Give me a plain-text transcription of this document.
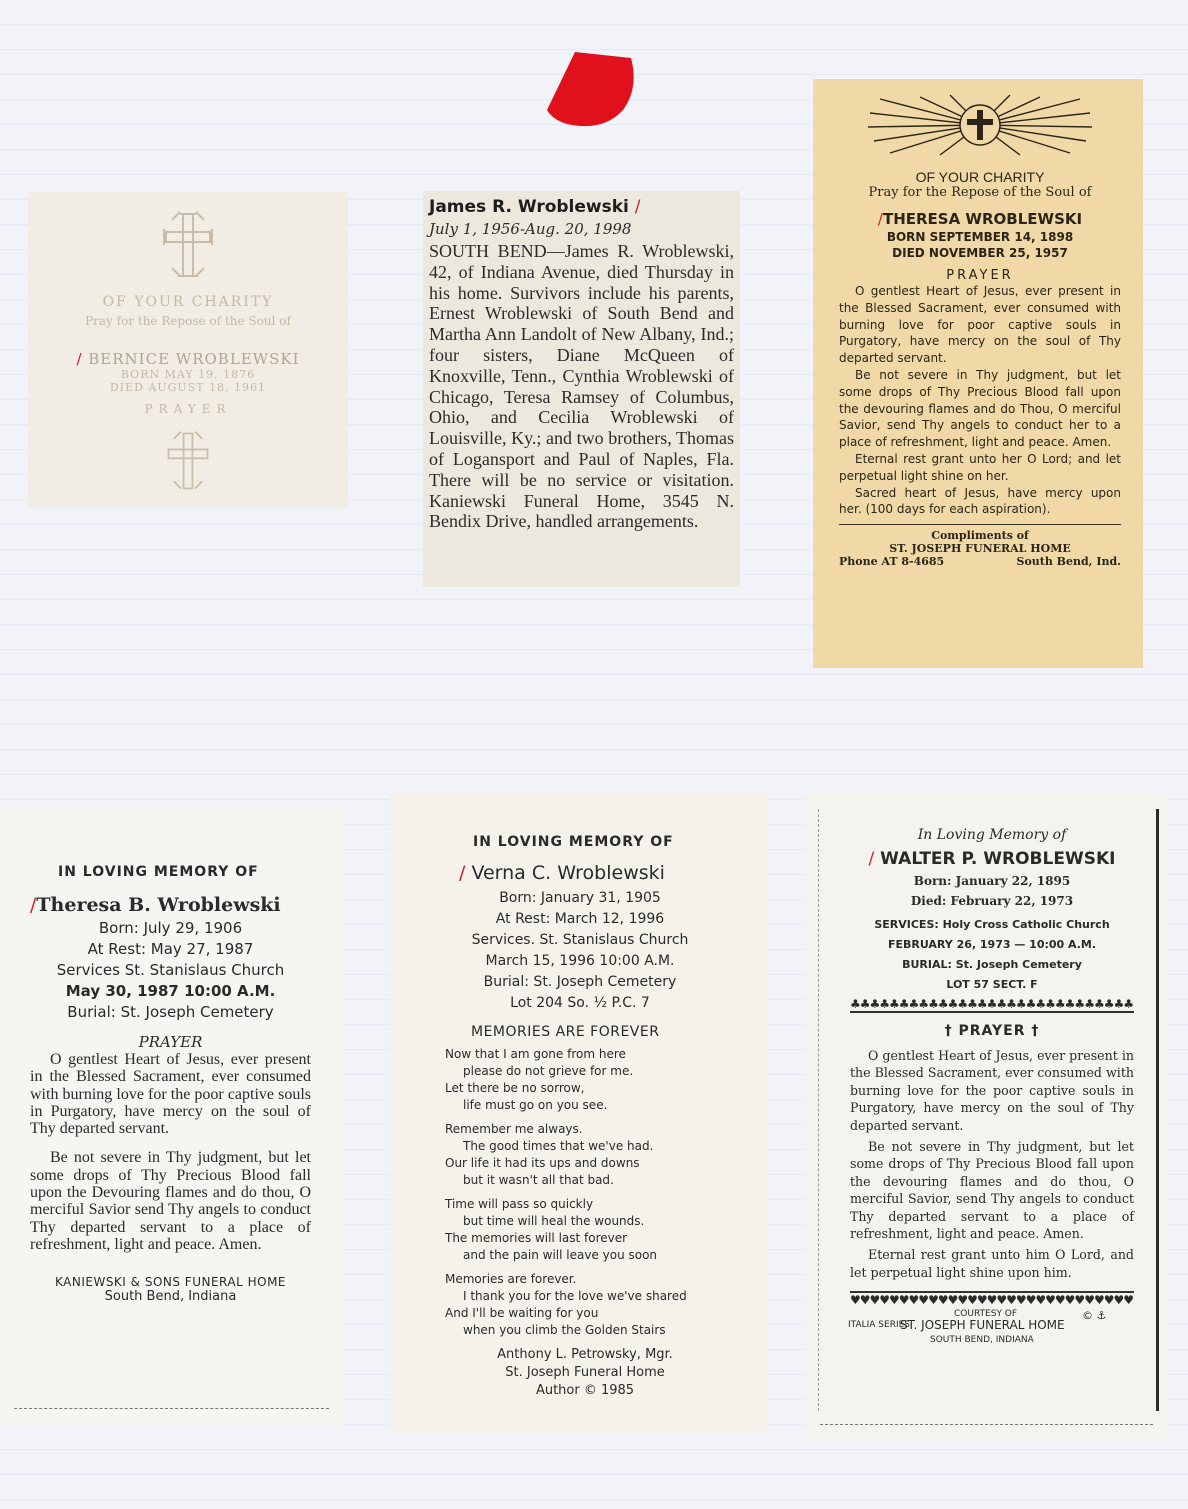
OF YOUR CHARITY
Pray for the Repose of the Soul of
/ BERNICE WROBLEWSKI
BORN MAY 19, 1876
DIED AUGUST 18, 1961
PRAYER
James R. Wroblewski /
July 1, 1956-Aug. 20, 1998
SOUTH BEND—James R. Wroblewski, 42, of Indiana Avenue, died Thursday in his home. Survivors include his parents, Ernest Wroblewski of South Bend and Martha Ann Landolt of New Albany, Ind.; four sisters, Diane McQueen of Knoxville, Tenn., Cynthia Wroblewski of Chicago, Teresa Ramsey of Columbus, Ohio, and Cecilia Wroblewski of Louisville, Ky.; and two brothers, Thomas of Logansport and Paul of Naples, Fla. There will be no service or visitation. Kaniewski Funeral Home, 3545 N. Bendix Drive, handled arrangements.
OF YOUR CHARITY
Pray for the Repose of the Soul of
/THERESA WROBLEWSKI
BORN SEPTEMBER 14, 1898
DIED NOVEMBER 25, 1957
PRAYER

O gentlest Heart of Jesus, ever present in the Blessed Sacrament, ever consumed with burning love for poor captive souls in Purgatory, have mercy on the soul of Thy departed servant.

Be not severe in Thy judgment, but let some drops of Thy Precious Blood fall upon the devouring flames and do Thou, O merciful Savior, send Thy angels to conduct her to a place of refreshment, light and peace. Amen.

Eternal rest grant unto her O Lord; and let perpetual light shine on her.

Sacred heart of Jesus, have mercy upon her. (100 days for each aspiration).

Compliments of
ST. JOSEPH FUNERAL HOME
Phone AT 8-4685	South Bend, Ind.
IN LOVING MEMORY OF
/Theresa B. Wroblewski
Born: July 29, 1906
At Rest: May 27, 1987
Services St. Stanislaus Church
May 30, 1987 10:00 A.M.
Burial: St. Joseph Cemetery
PRAYER

O gentlest Heart of Jesus, ever present in the Blessed Sacrament, ever consumed with burning love for the poor captive souls in Purgatory, have mercy on the soul of Thy departed servant.

Be not severe in Thy judgment, but let some drops of Thy Precious Blood fall upon the Devouring flames and do thou, O merciful Savior send Thy angels to conduct Thy departed servant to a place of refreshment, light and peace. Amen.

KANIEWSKI & SONS FUNERAL HOME
South Bend, Indiana
IN LOVING MEMORY OF
/ Verna C. Wroblewski
Born: January 31, 1905
At Rest: March 12, 1996
Services. St. Stanislaus Church
March 15, 1996 10:00 A.M.
Burial: St. Joseph Cemetery
Lot 204 So. ½ P.C. 7
MEMORIES ARE FOREVER
Now that I am gone from here
please do not grieve for me.
Let there be no sorrow,
life must go on you see.
Remember me always.
The good times that we've had.
Our life it had its ups and downs
but it wasn't all that bad.
Time will pass so quickly
but time will heal the wounds.
The memories will last forever
and the pain will leave you soon
Memories are forever.
I thank you for the love we've shared
And I'll be waiting for you
when you climb the Golden Stairs
Anthony L. Petrowsky, Mgr.
St. Joseph Funeral Home
Author © 1985
In Loving Memory of
/ WALTER P. WROBLEWSKI
Born: January 22, 1895
Died: February 22, 1973
SERVICES: Holy Cross Catholic Church
FEBRUARY 26, 1973 — 10:00 A.M.
BURIAL: St. Joseph Cemetery
LOT 57 SECT. F
♣♣♣♣♣♣♣♣♣♣♣♣♣♣♣♣♣♣♣♣♣♣♣♣♣♣♣♣♣
† PRAYER †

O gentlest Heart of Jesus, ever present in the Blessed Sacrament, ever consumed with burning love for the poor captive souls in Purgatory, have mercy on the soul of Thy departed servant.

Be not severe in Thy judgment, but let some drops of Thy Precious Blood fall upon the devouring flames and do thou, O merciful Savior, send Thy angels to conduct Thy departed servant to a place of refreshment, light and peace. Amen.

Eternal rest grant unto him O Lord, and let perpetual light shine upon him.

♥♥♥♥♥♥♥♥♥♥♥♥♥♥♥♥♥♥♥♥♥♥♥♥♥♥♥♥♥
COURTESY OF
ITALIA SERIES
ST. JOSEPH FUNERAL HOME
© ⚓
SOUTH BEND, INDIANA
